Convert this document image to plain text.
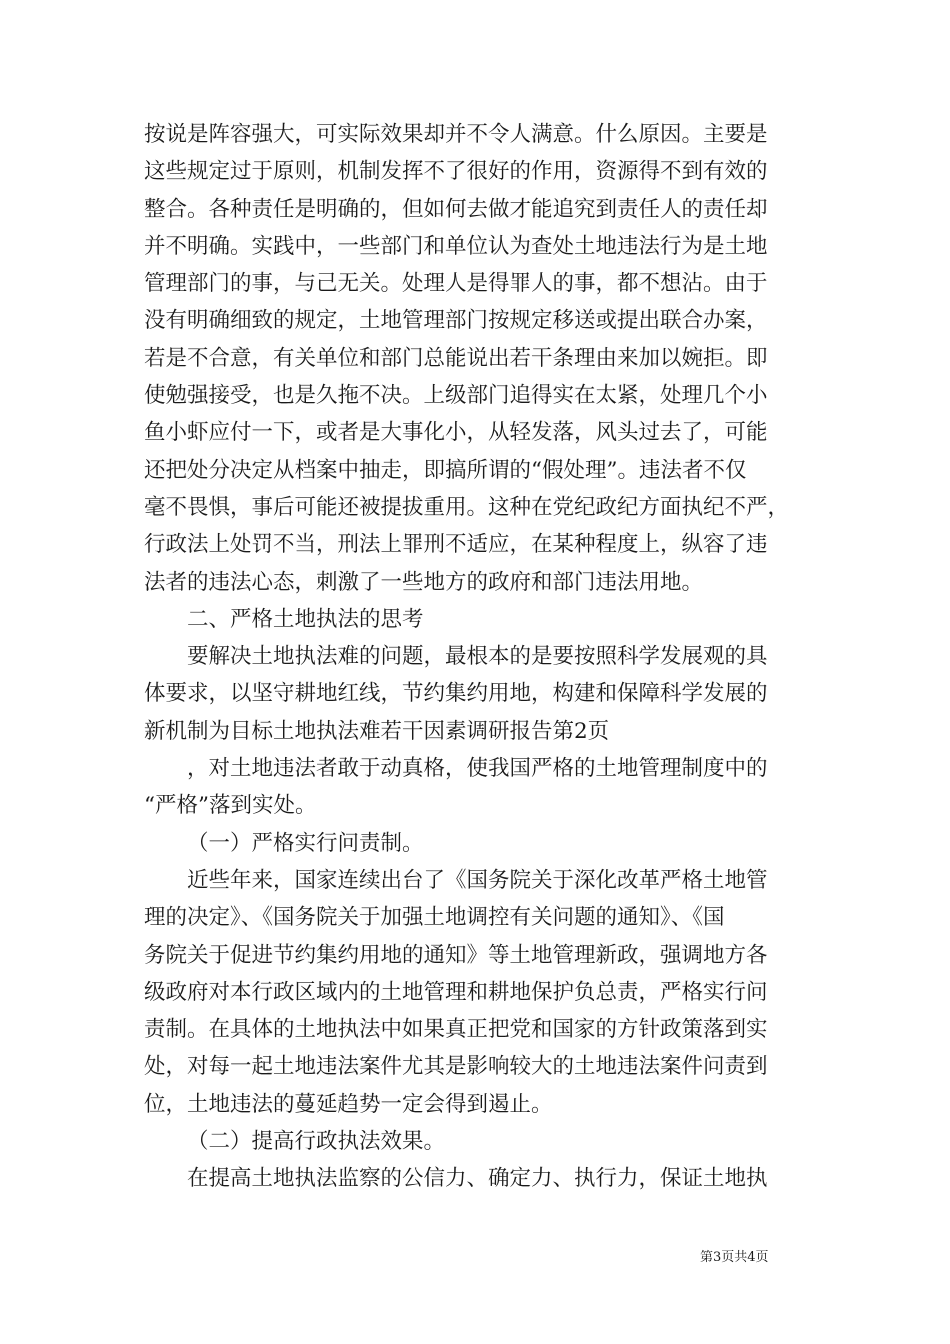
按说是阵容强大，可实际效果却并不令人满意。什么原因。主要是
这些规定过于原则，机制发挥不了很好的作用，资源得不到有效的
整合。各种责任是明确的，但如何去做才能追究到责任人的责任却
并不明确。实践中，一些部门和单位认为查处土地违法行为是土地
管理部门的事，与己无关。处理人是得罪人的事，都不想沾。由于
没有明确细致的规定，土地管理部门按规定移送或提出联合办案，
若是不合意，有关单位和部门总能说出若干条理由来加以婉拒。即
使勉强接受，也是久拖不决。上级部门追得实在太紧，处理几个小
鱼小虾应付一下，或者是大事化小，从轻发落，风头过去了，可能
还把处分决定从档案中抽走，即搞所谓的“假处理”。违法者不仅
毫不畏惧，事后可能还被提拔重用。这种在党纪政纪方面执纪不严，
行政法上处罚不当，刑法上罪刑不适应，在某种程度上，纵容了违
法者的违法心态，刺激了一些地方的政府和部门违法用地。
二、严格土地执法的思考
要解决土地执法难的问题，最根本的是要按照科学发展观的具
体要求，以坚守耕地红线，节约集约用地，构建和保障科学发展的
新机制为目标土地执法难若干因素调研报告第2页
，对土地违法者敢于动真格，使我国严格的土地管理制度中的
“严格”落到实处。
（一）严格实行问责制。
近些年来，国家连续出台了《国务院关于深化改革严格土地管
理的决定》、《国务院关于加强土地调控有关问题的通知》、《国
务院关于促进节约集约用地的通知》等土地管理新政，强调地方各
级政府对本行政区域内的土地管理和耕地保护负总责，严格实行问
责制。在具体的土地执法中如果真正把党和国家的方针政策落到实
处，对每一起土地违法案件尤其是影响较大的土地违法案件问责到
位，土地违法的蔓延趋势一定会得到遏止。
（二）提高行政执法效果。
在提高土地执法监察的公信力、确定力、执行力，保证土地执
第3页共4页
